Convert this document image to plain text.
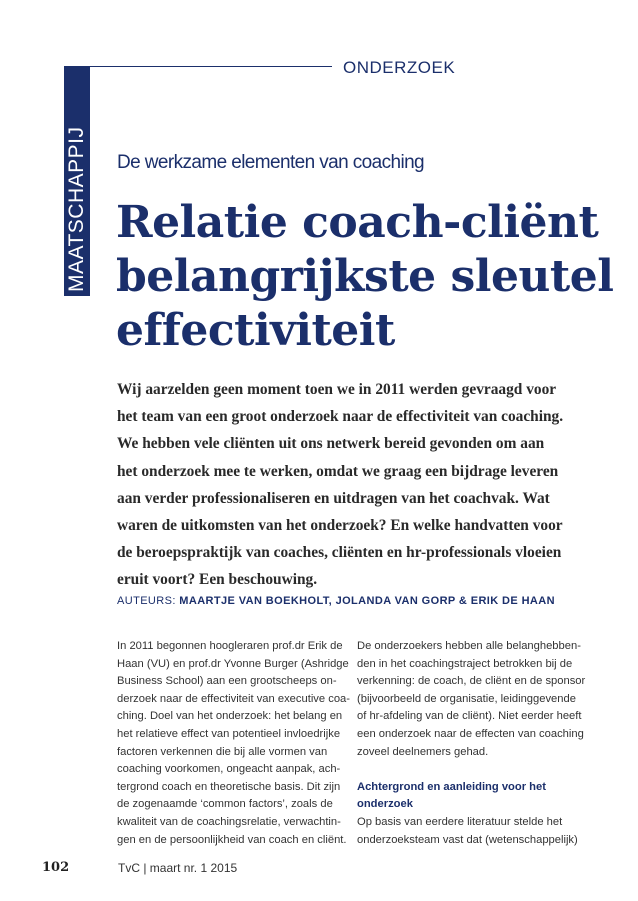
MAATSCHAPPIJ
ONDERZOEK
De werkzame elementen van coaching
Relatie coach-cliënt
belangrijkste sleutel
effectiviteit
Wij aarzelden geen moment toen we in 2011 werden gevraagd voor
het team van een groot onderzoek naar de effectiviteit van coaching.
We hebben vele cliënten uit ons netwerk bereid gevonden om aan
het onderzoek mee te werken, omdat we graag een bijdrage leveren
aan verder professionaliseren en uitdragen van het coachvak. Wat
waren de uitkomsten van het onderzoek? En welke handvatten voor
de beroepspraktijk van coaches, cliënten en hr-professionals vloeien
eruit voort? Een beschouwing.
AUTEURS: MAARTJE VAN BOEKHOLT, JOLANDA VAN GORP & ERIK DE HAAN
In 2011 begonnen hoogleraren prof.dr Erik de
Haan (VU) en prof.dr Yvonne Burger (Ashridge
Business School) aan een grootscheeps on-
derzoek naar de effectiviteit van executive coa-
ching. Doel van het onderzoek: het belang en
het relatieve effect van potentieel invloedrijke
factoren verkennen die bij alle vormen van
coaching voorkomen, ongeacht aanpak, ach-
tergrond coach en theoretische basis. Dit zijn
de zogenaamde ‘common factors’, zoals de
kwaliteit van de coachingsrelatie, verwachtin-
gen en de persoonlijkheid van coach en cliënt.
De onderzoekers hebben alle belanghebben-
den in het coachingstraject betrokken bij de
verkenning: de coach, de cliënt en de sponsor
(bijvoorbeeld de organisatie, leidinggevende
of hr-afdeling van de cliënt). Niet eerder heeft
een onderzoek naar de effecten van coaching
zoveel deelnemers gehad.
Achtergrond en aanleiding voor het
onderzoek
Op basis van eerdere literatuur stelde het
onderzoeksteam vast dat (wetenschappelijk)
102	TvC | maart nr. 1 2015
